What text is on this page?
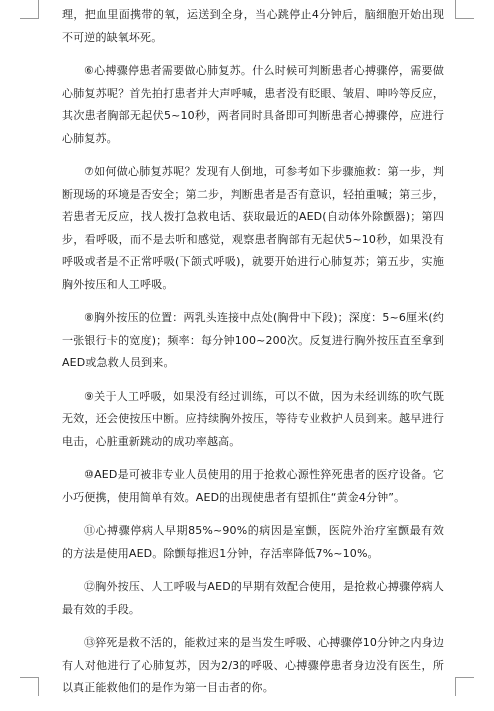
理，把血里面携带的氧，运送到全身，当心跳停止4分钟后，脑细胞开始出现不可逆的缺氧坏死。

⑥心搏骤停患者需要做心肺复苏。什么时候可判断患者心搏骤停，需要做心肺复苏呢？首先拍打患者并大声呼喊，患者没有眨眼、皱眉、呻吟等反应，其次患者胸部无起伏5~10秒，两者同时具备即可判断患者心搏骤停，应进行心肺复苏。

⑦如何做心肺复苏呢？发现有人倒地，可参考如下步骤施救：第一步，判断现场的环境是否安全；第二步，判断患者是否有意识，轻拍重喊；第三步，若患者无反应，找人拨打急救电话、获取最近的AED(自动体外除颤器)；第四步，看呼吸，而不是去听和感觉，观察患者胸部有无起伏5~10秒，如果没有呼吸或者是不正常呼吸(下颌式呼吸)，就要开始进行心肺复苏；第五步，实施胸外按压和人工呼吸。

⑧胸外按压的位置：两乳头连接中点处(胸骨中下段)；深度：5~6厘米(约一张银行卡的宽度)；频率：每分钟100~200次。反复进行胸外按压直至拿到AED或急救人员到来。

⑨关于人工呼吸，如果没有经过训练，可以不做，因为未经训练的吹气既无效，还会使按压中断。应持续胸外按压，等待专业救护人员到来。越早进行电击，心脏重新跳动的成功率越高。

⑩AED是可被非专业人员使用的用于抢救心源性猝死患者的医疗设备。它小巧便携，使用简单有效。AED的出现使患者有望抓住“黄金4分钟”。

⑪心搏骤停病人早期85%~90%的病因是室颤，医院外治疗室颤最有效的方法是使用AED。除颤每推迟1分钟，存活率降低7%~10%。

⑫胸外按压、人工呼吸与AED的早期有效配合使用，是抢救心搏骤停病人最有效的手段。

⑬猝死是救不活的，能救过来的是当发生呼吸、心搏骤停10分钟之内身边有人对他进行了心肺复苏，因为2/3的呼吸、心搏骤停患者身边没有医生，所以真正能救他们的是作为第一目击者的你。
